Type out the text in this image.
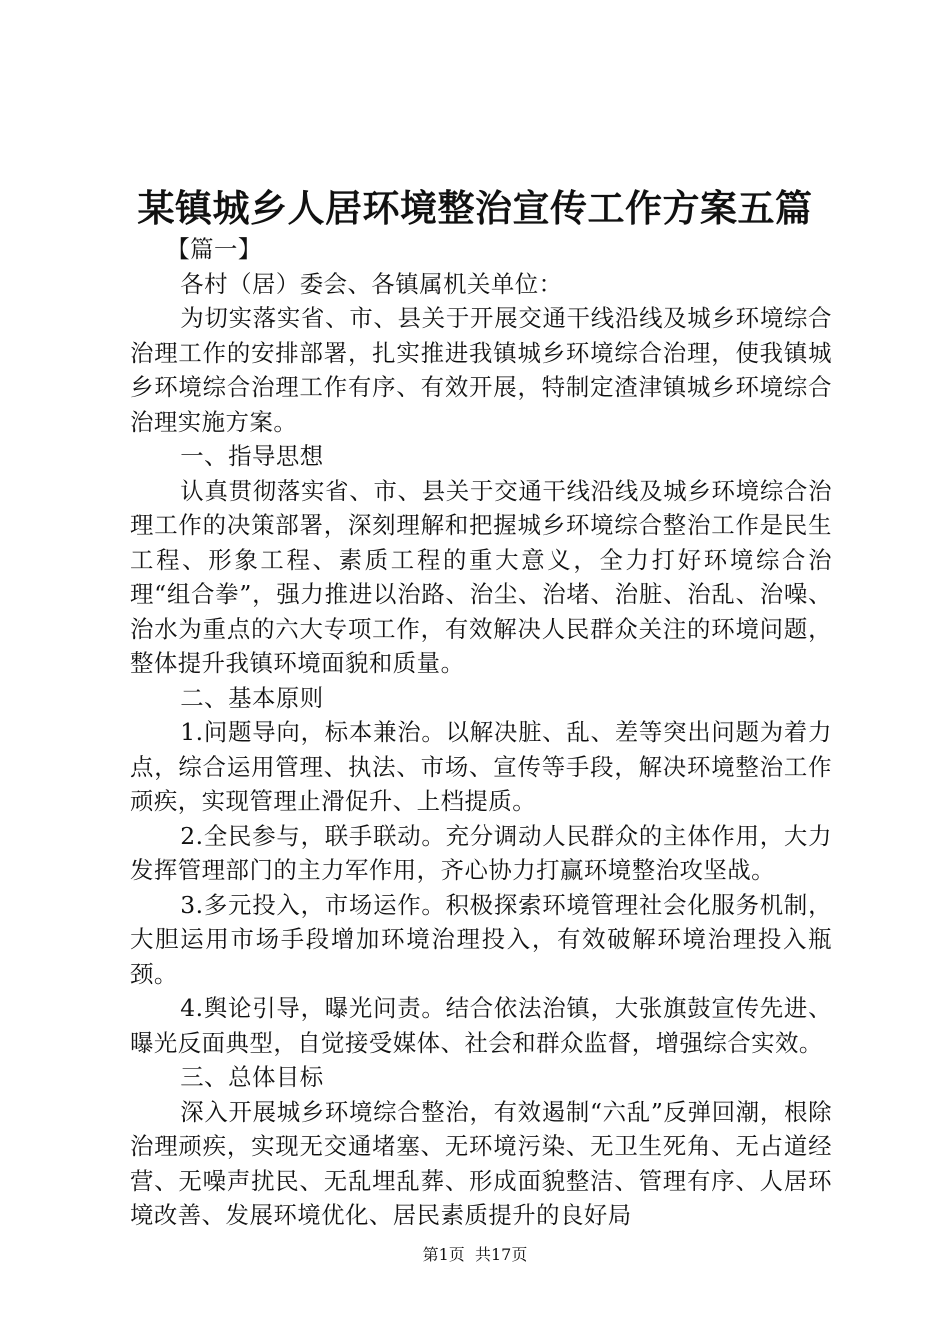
某镇城乡人居环境整治宣传工作方案五篇

【篇一】

各村（居）委会、各镇属机关单位：

为切实落实省、市、县关于开展交通干线沿线及城乡环境综合治理工作的安排部署，扎实推进我镇城乡环境综合治理，使我镇城乡环境综合治理工作有序、有效开展，特制定渣津镇城乡环境综合治理实施方案。

一、指导思想

认真贯彻落实省、市、县关于交通干线沿线及城乡环境综合治理工作的决策部署，深刻理解和把握城乡环境综合整治工作是民生工程、形象工程、素质工程的重大意义，全力打好环境综合治理“组合拳”，强力推进以治路、治尘、治堵、治脏、治乱、治噪、治水为重点的六大专项工作，有效解决人民群众关注的环境问题，整体提升我镇环境面貌和质量。

二、基本原则

1.问题导向，标本兼治。以解决脏、乱、差等突出问题为着力点，综合运用管理、执法、市场、宣传等手段，解决环境整治工作顽疾，实现管理止滑促升、上档提质。

2.全民参与，联手联动。充分调动人民群众的主体作用，大力发挥管理部门的主力军作用，齐心协力打赢环境整治攻坚战。

3.多元投入，市场运作。积极探索环境管理社会化服务机制，大胆运用市场手段增加环境治理投入，有效破解环境治理投入瓶颈。

4.舆论引导，曝光问责。结合依法治镇，大张旗鼓宣传先进、曝光反面典型，自觉接受媒体、社会和群众监督，增强综合实效。

三、总体目标

深入开展城乡环境综合整治，有效遏制“六乱”反弹回潮，根除治理顽疾，实现无交通堵塞、无环境污染、无卫生死角、无占道经营、无噪声扰民、无乱埋乱葬、形成面貌整洁、管理有序、人居环境改善、发展环境优化、居民素质提升的良好局

第1页 共17页
